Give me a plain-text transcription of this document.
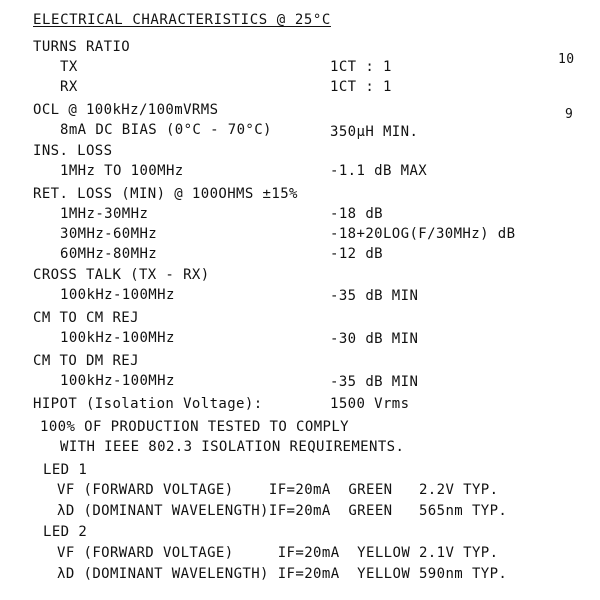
ELECTRICAL CHARACTERISTICS @ 25°C
10
9
TURNS RATIO
TX	1CT : 1
RX	1CT : 1
OCL @ 100kHz/100mVRMS
8mA DC BIAS (0°C - 70°C)	350μH MIN.
INS. LOSS
1MHz TO 100MHz	-1.1 dB MAX
RET. LOSS (MIN) @ 100OHMS ±15%
1MHz-30MHz	-18 dB
30MHz-60MHz	-18+20LOG(F/30MHz) dB
60MHz-80MHz	-12 dB
CROSS TALK (TX - RX)
100kHz-100MHz	-35 dB MIN
CM TO CM REJ
100kHz-100MHz	-30 dB MIN
CM TO DM REJ
100kHz-100MHz	-35 dB MIN
HIPOT (Isolation Voltage):	1500 Vrms
100% OF PRODUCTION TESTED TO COMPLY
WITH IEEE 802.3 ISOLATION REQUIREMENTS.
LED 1
VF (FORWARD VOLTAGE)    IF=20mA  GREEN   2.2V TYP.
λD (DOMINANT WAVELENGTH)IF=20mA  GREEN   565nm TYP.
LED 2
VF (FORWARD VOLTAGE)     IF=20mA  YELLOW 2.1V TYP.
λD (DOMINANT WAVELENGTH) IF=20mA  YELLOW 590nm TYP.
